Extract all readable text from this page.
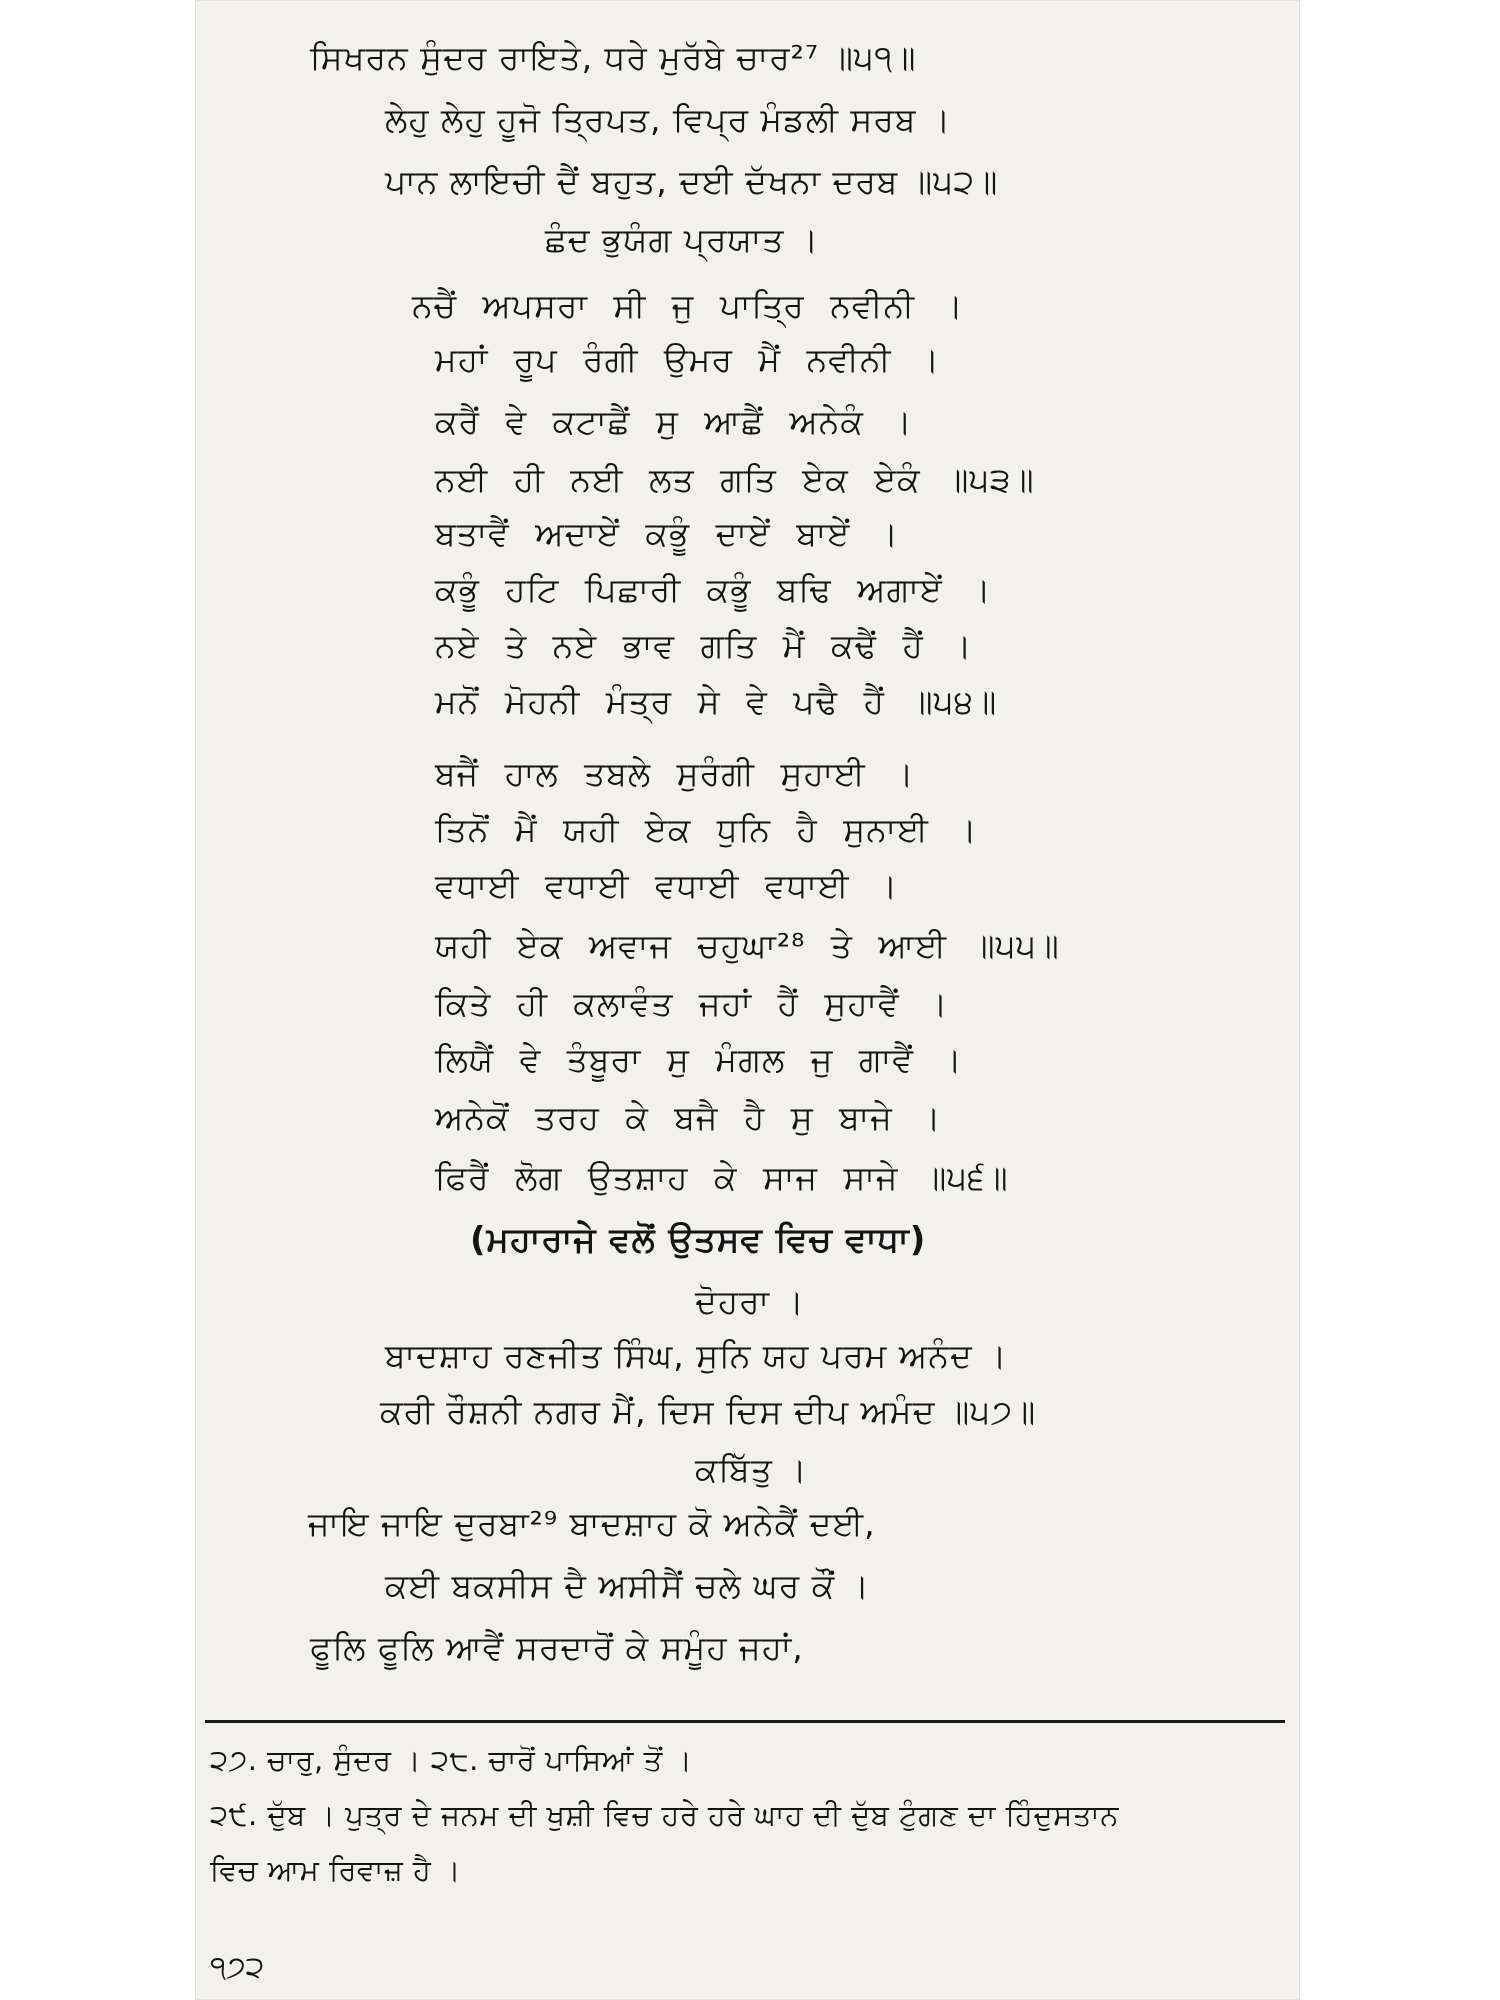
ਸਿਖਰਨ ਸੁੰਦਰ ਰਾਇਤੇ, ਧਰੇ ਮੁਰੱਬੇ ਚਾਰ²⁷ ॥੫੧॥
ਲੇਹੁ ਲੇਹੁ ਹੂਜੋ ਤ੍ਰਿਪਤ, ਵਿਪ੍ਰ ਮੰਡਲੀ ਸਰਬ ।
ਪਾਨ ਲਾਇਚੀ ਦੈਂ ਬਹੁਤ, ਦਈ ਦੱਖਨਾ ਦਰਬ ॥੫੨॥
ਛੰਦ ਭੁਯੰਗ ਪ੍ਰਯਾਤ ।
ਨਚੈਂ ਅਪਸਰਾ ਸੀ ਜੁ ਪਾਤ੍ਰਿ ਨਵੀਨੀ ।
ਮਹਾਂ ਰੂਪ ਰੰਗੀ ਉਮਰ ਮੈਂ ਨਵੀਨੀ ।
ਕਰੈਂ ਵੇ ਕਟਾਛੈਂ ਸੁ ਆਛੈਂ ਅਨੇਕੰ ।
ਨਈ ਹੀ ਨਈ ਲਤ ਗਤਿ ਏਕ ਏਕੰ ॥੫੩॥
ਬਤਾਵੈਂ ਅਦਾਏਂ ਕਭੂੰ ਦਾਏਂ ਬਾਏਂ ।
ਕਭੂੰ ਹਟਿ ਪਿਛਾਰੀ ਕਭੂੰ ਬਢਿ ਅਗਾਏਂ ।
ਨਏ ਤੇ ਨਏ ਭਾਵ ਗਤਿ ਮੈਂ ਕਢੈਂ ਹੈਂ ।
ਮਨੋਂ ਮੋਹਨੀ ਮੰਤ੍ਰ ਸੇ ਵੇ ਪਢੈ ਹੈਂ ॥੫੪॥
ਬਜੈਂ ਹਾਲ ਤਬਲੇ ਸੁਰੰਗੀ ਸੁਹਾਈ ।
ਤਿਨੋਂ ਮੈਂ ਯਹੀ ਏਕ ਧੁਨਿ ਹੈ ਸੁਨਾਈ ।
ਵਧਾਈ ਵਧਾਈ ਵਧਾਈ ਵਧਾਈ ।
ਯਹੀ ਏਕ ਅਵਾਜ ਚਹੁਘਾ²⁸ ਤੇ ਆਈ ॥੫੫॥
ਕਿਤੇ ਹੀ ਕਲਾਵੰਤ ਜਹਾਂ ਹੈਂ ਸੁਹਾਵੈਂ ।
ਲਿਯੈਂ ਵੇ ਤੰਬੂਰਾ ਸੁ ਮੰਗਲ ਜੁ ਗਾਵੈਂ ।
ਅਨੇਕੋਂ ਤਰਹ ਕੇ ਬਜੈ ਹੈ ਸੁ ਬਾਜੇ ।
ਫਿਰੈਂ ਲੋਗ ਉਤਸ਼ਾਹ ਕੇ ਸਾਜ ਸਾਜੇ ॥੫੬॥
(ਮਹਾਰਾਜੇ ਵਲੋਂ ਉਤਸਵ ਵਿਚ ਵਾਧਾ)
ਦੋਹਰਾ ।
ਬਾਦਸ਼ਾਹ ਰਣਜੀਤ ਸਿੰਘ, ਸੁਨਿ ਯਹ ਪਰਮ ਅਨੰਦ ।
ਕਰੀ ਰੌਸ਼ਨੀ ਨਗਰ ਮੈਂ, ਦਿਸ ਦਿਸ ਦੀਪ ਅਮੰਦ ॥੫੭॥
ਕਬਿੱਤੁ ।
ਜਾਇ ਜਾਇ ਦੁਰਬਾ²⁹ ਬਾਦਸ਼ਾਹ ਕੋ ਅਨੇਕੈਂ ਦਈ,
ਕਈ ਬਕਸੀਸ ਦੈ ਅਸੀਸੈਂ ਚਲੇ ਘਰ ਕੌਂ ।
ਫੂਲਿ ਫੂਲਿ ਆਵੈਂ ਸਰਦਾਰੋਂ ਕੇ ਸਮੂੰਹ ਜਹਾਂ,
੨੭. ਚਾਰੁ, ਸੁੰਦਰ । ੨੮. ਚਾਰੋਂ ਪਾਸਿਆਂ ਤੋਂ ।
੨੯. ਦੁੱਬ । ਪੁਤ੍ਰ ਦੇ ਜਨਮ ਦੀ ਖੁਸ਼ੀ ਵਿਚ ਹਰੇ ਹਰੇ ਘਾਹ ਦੀ ਦੁੱਬ ਟੁੰਗਣ ਦਾ ਹਿੰਦੁਸਤਾਨ
ਵਿਚ ਆਮ ਰਿਵਾਜ਼ ਹੈ ।
੧੭੨
